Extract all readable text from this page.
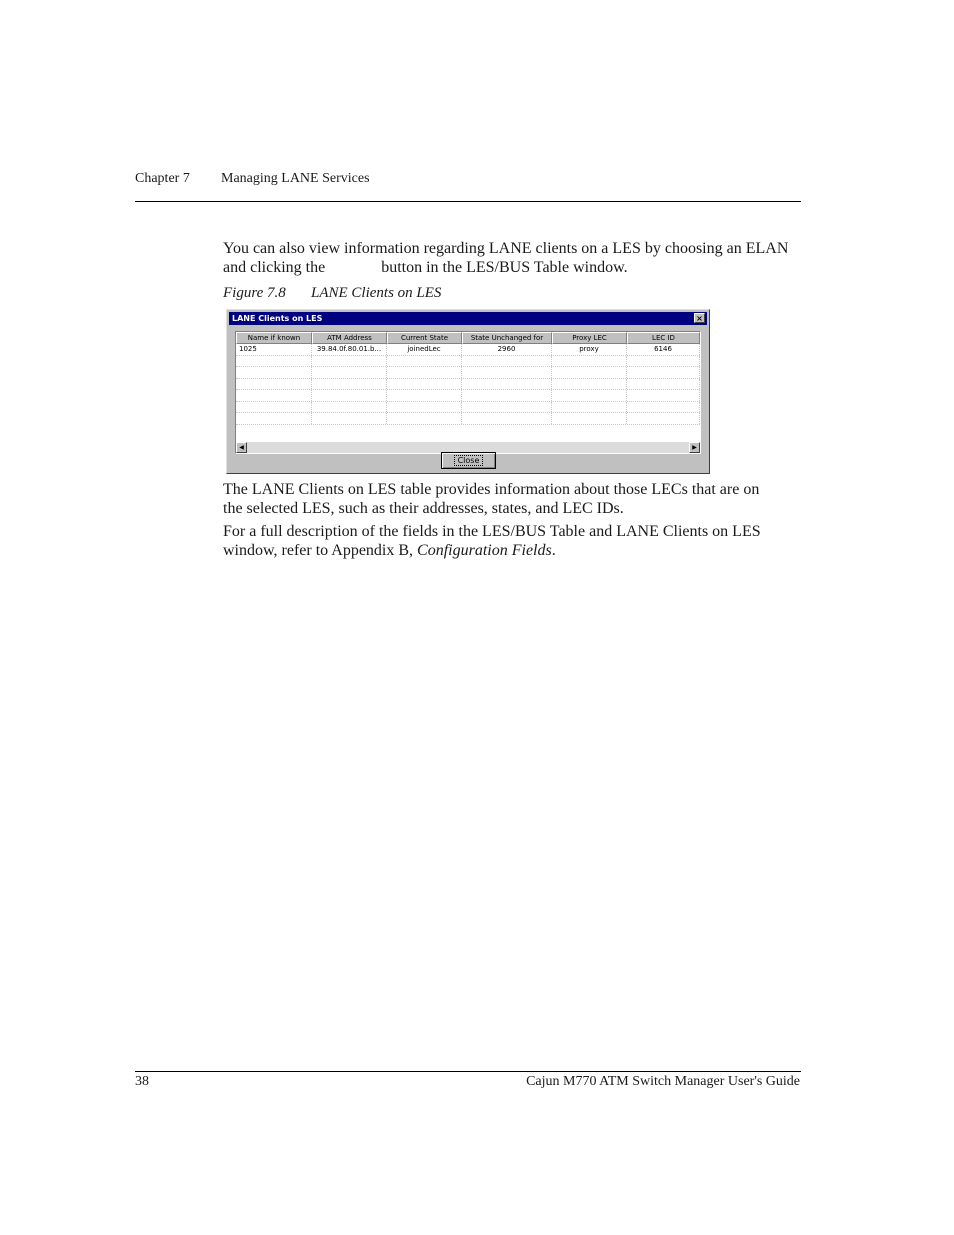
Chapter 7 Managing LANE Services
You can also view information regarding LANE clients on a LES by choosing an ELAN
and clicking the	button in the LES/BUS Table window.
Figure 7.8 LANE Clients on LES
LANE Clients on LES	×
Name if known	ATM Address	Current State	State Unchanged for	Proxy LEC	LEC ID
1025	39.84.0f.80.01.b...	joinedLec	2960	proxy	6146
◀	▶
Close
The LANE Clients on LES table provides information about those LECs that are on
the selected LES, such as their addresses, states, and LEC IDs.
For a full description of the fields in the LES/BUS Table and LANE Clients on LES
window, refer to Appendix B, Configuration Fields.
38	Cajun M770 ATM Switch Manager User's Guide
